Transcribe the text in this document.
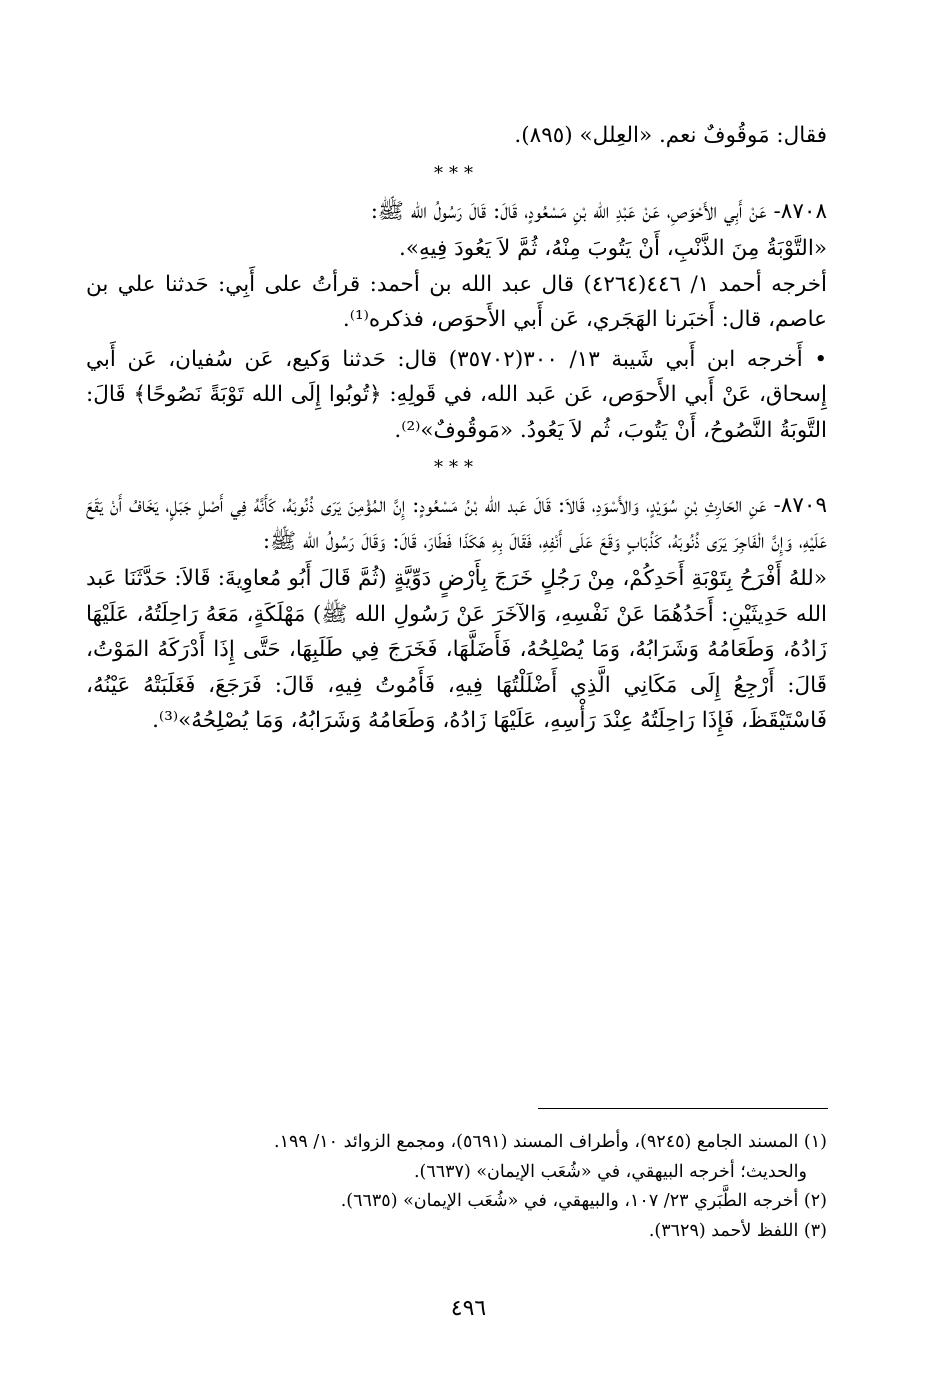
فقال: مَوقُوفٌ نعم. «العِلل» (٨٩٥).

***

٨٧٠٨- عَنْ أَبِي الأَحْوَصِ، عَنْ عَبْدِ الله بْنِ مَسْعُودٍ، قَالَ: قَالَ رَسُولُ الله ﷺ:

«التَّوْبَةُ مِنَ الذَّنْبِ، أَنْ يَتُوبَ مِنْهُ، ثُمَّ لاَ يَعُودَ فِيهِ».

أخرجه أحمد ١/ ٤٤٦(٤٢٦٤) قال عبد الله بن أحمد: قرأتُ على أَبِي: حَدثنا علي بن عاصم، قال: أَخبَرنا الهَجَري، عَن أَبي الأَحوَص، فذكره⁽¹⁾.

• أَخرجه ابن أَبي شَيبة ١٣/ ٣٠٠(٣٥٧٠٢) قال: حَدثنا وَكيع، عَن سُفيان، عَن أَبي إِسحاق، عَنْ أَبي الأَحوَص، عَن عَبد الله، في قَولِهِ: ﴿تُوبُوا إِلَى الله تَوْبَةً نَصُوحًا﴾ قَالَ: التَّوبَةُ النَّصُوحُ، أَنْ يَتُوبَ، ثُم لاَ يَعُودُ. «مَوقُوفٌ»⁽²⁾.

***

٨٧٠٩- عَنِ الحَارِثِ بْنِ سُوَيْدٍ، وَالأَسْوَدِ، قَالاَ: قَالَ عَبد الله بْنُ مَسْعُودٍ: إِنَّ المُؤْمِنَ يَرَى ذُنُوبَهُ، كَأَنَّهُ فِي أَصْلِ جَبَلٍ، يَخَافُ أَنْ يَقَعَ عَلَيْهِ، وَإِنَّ الْفَاجِرَ يَرَى ذُنُوبَهُ، كَذُبَابٍ وَقَعَ عَلَى أَنْفِهِ، فَقَالَ بِهِ هَكَذَا فَطَارَ، قَالَ: وَقَالَ رَسُولُ الله ﷺ:

«للهُ أَفْرَحُ بِتَوْبَةِ أَحَدِكُمْ، مِنْ رَجُلٍ خَرَجَ بِأَرْضٍ دَوِّيَّةٍ (ثُمَّ قَالَ أَبُو مُعاوِيةَ: قَالاَ: حَدَّثَنَا عَبد الله حَدِيثَيْنِ: أَحَدُهُمَا عَنْ نَفْسِهِ، وَالآخَرَ عَنْ رَسُولِ الله ﷺ) مَهْلَكَةٍ، مَعَهُ رَاحِلَتُهُ، عَلَيْهَا زَادُهُ، وَطَعَامُهُ وَشَرَابُهُ، وَمَا يُصْلِحُهُ، فَأَضَلَّهَا، فَخَرَجَ فِي طَلَبِهَا، حَتَّى إِذَا أَدْرَكَهُ المَوْتُ، قَالَ: أَرْجِعُ إِلَى مَكَانِي الَّذِي أَضْلَلْتُهَا فِيهِ، فَأَمُوتُ فِيهِ، قَالَ: فَرَجَعَ، فَغَلَبَتْهُ عَيْنُهُ، فَاسْتَيْقَظَ، فَإِذَا رَاحِلَتُهُ عِنْدَ رَأْسِهِ، عَلَيْهَا زَادُهُ، وَطَعَامُهُ وَشَرَابُهُ، وَمَا يُصْلِحُهُ»⁽³⁾.

(١) المسند الجامع (٩٢٤٥)، وأطراف المسند (٥٦٩١)، ومجمع الزوائد ١٠/ ١٩٩.

والحديث؛ أخرجه البيهقي، في «شُعَب الإيمان» (٦٦٣٧).

(٢) أخرجه الطَّبَري ٢٣/ ١٠٧، والبيهقي، في «شُعَب الإيمان» (٦٦٣٥).

(٣) اللفظ لأحمد (٣٦٢٩).

٤٩٦
